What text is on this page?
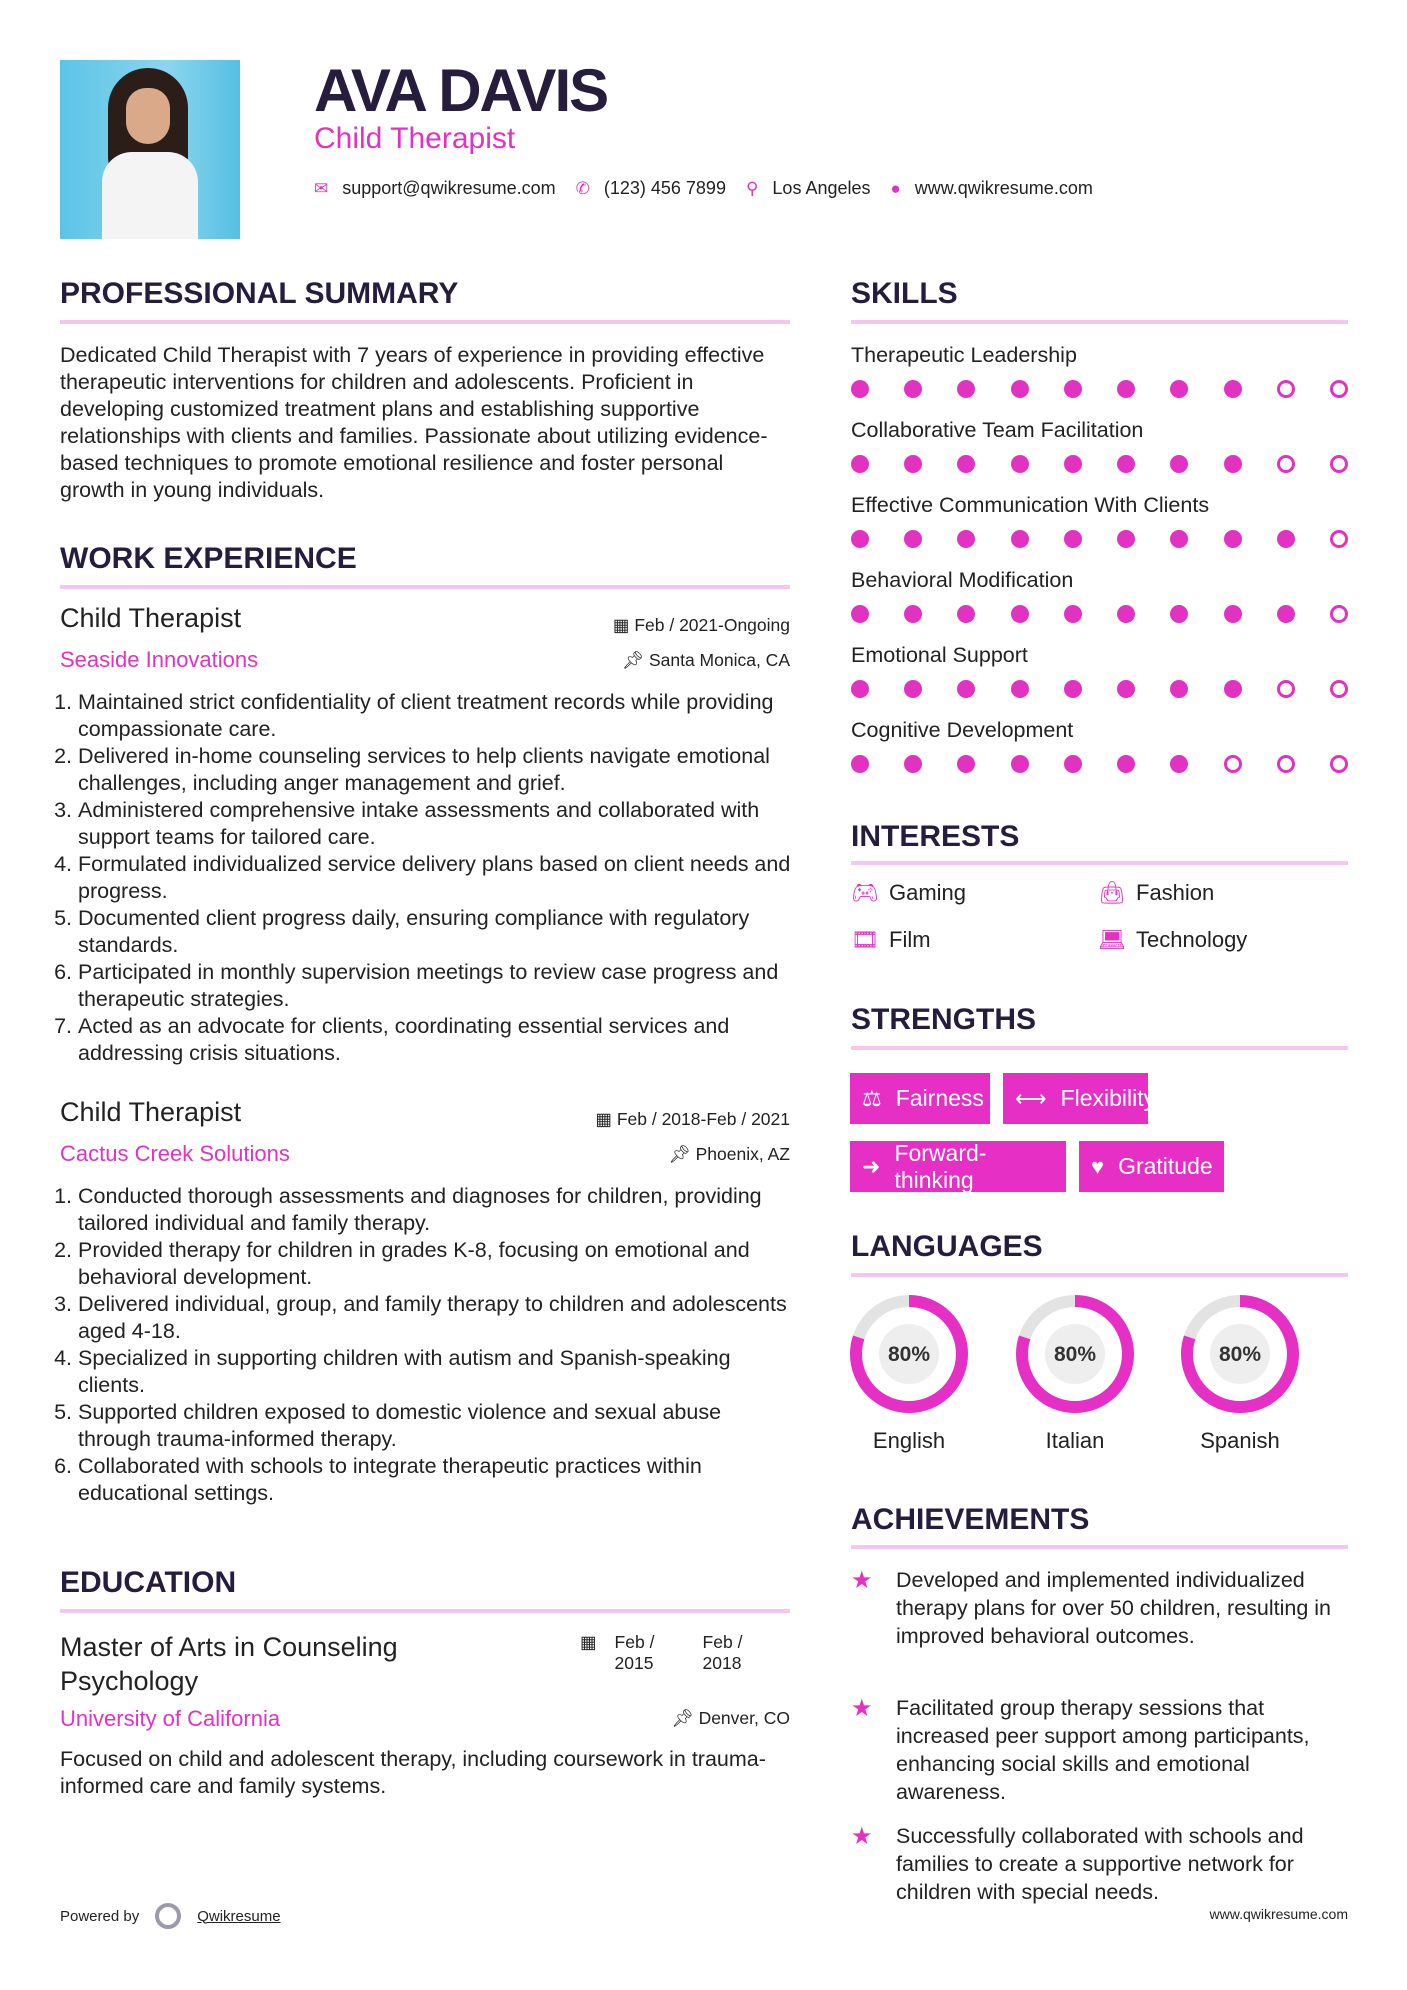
AVA DAVIS
Child Therapist
✉ support@qwikresume.com ✆ (123) 456 7899 ⚲ Los Angeles ● www.qwikresume.com
PROFESSIONAL SUMMARY
Dedicated Child Therapist with 7 years of experience in providing effective therapeutic interventions for children and adolescents. Proficient in developing customized treatment plans and establishing supportive relationships with clients and families. Passionate about utilizing evidence-based techniques to promote emotional resilience and foster personal growth in young individuals.
WORK EXPERIENCE
Child Therapist	▦ Feb / 2021-Ongoing
Seaside Innovations	📌︎ Santa Monica, CA
1. Maintained strict confidentiality of client treatment records while providing compassionate care.
2. Delivered in-home counseling services to help clients navigate emotional challenges, including anger management and grief.
3. Administered comprehensive intake assessments and collaborated with support teams for tailored care.
4. Formulated individualized service delivery plans based on client needs and progress.
5. Documented client progress daily, ensuring compliance with regulatory standards.
6. Participated in monthly supervision meetings to review case progress and therapeutic strategies.
7. Acted as an advocate for clients, coordinating essential services and addressing crisis situations.
Child Therapist	▦ Feb / 2018-Feb / 2021
Cactus Creek Solutions	📌︎ Phoenix, AZ
1. Conducted thorough assessments and diagnoses for children, providing tailored individual and family therapy.
2. Provided therapy for children in grades K-8, focusing on emotional and behavioral development.
3. Delivered individual, group, and family therapy to children and adolescents aged 4-18.
4. Specialized in supporting children with autism and Spanish-speaking clients.
5. Supported children exposed to domestic violence and sexual abuse through trauma-informed therapy.
6. Collaborated with schools to integrate therapeutic practices within educational settings.
EDUCATION
Master of Arts in Counseling Psychology
▦ Feb / 2015
Feb / 2018
University of California	📌︎ Denver, CO
Focused on child and adolescent therapy, including coursework in trauma-informed care and family systems.
Powered by	Qwikresume
SKILLS
Therapeutic Leadership
Collaborative Team Facilitation
Effective Communication With Clients
Behavioral Modification
Emotional Support
Cognitive Development
INTERESTS
🎮︎ Gaming	👜︎ Fashion
🎞︎ Film	💻︎ Technology
STRENGTHS
⚖ Fairness ⟷ Flexibility
➜
Forward-thinking
♥ Gratitude
LANGUAGES
80%
English
80%
Italian
80%
Spanish
ACHIEVEMENTS
★	Developed and implemented individualized therapy plans for over 50 children, resulting in improved behavioral outcomes.
★	Facilitated group therapy sessions that increased peer support among participants, enhancing social skills and emotional awareness.
★	Successfully collaborated with schools and families to create a supportive network for children with special needs.
www.qwikresume.com
